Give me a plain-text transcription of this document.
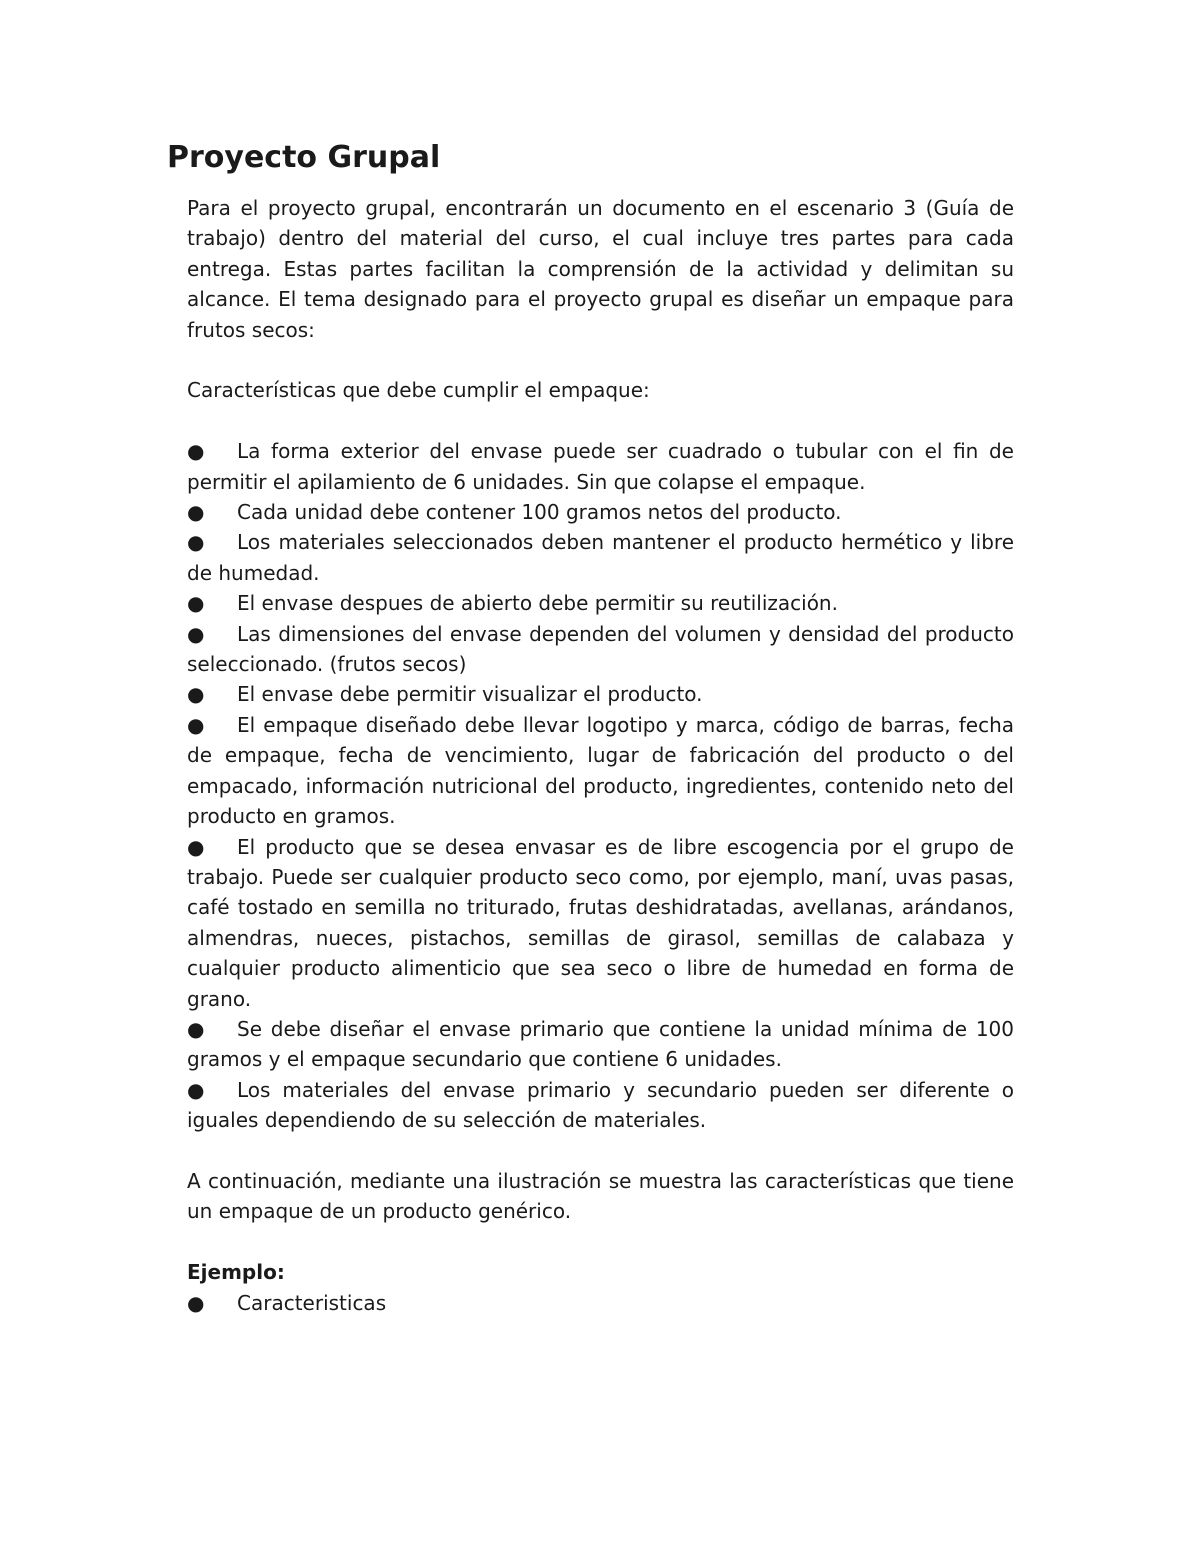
Proyecto Grupal

Para el proyecto grupal, encontrarán un documento en el escenario 3 (Guía de trabajo) dentro del material del curso, el cual incluye tres partes para cada entrega. Estas partes facilitan la comprensión de la actividad y delimitan su alcance. El tema designado para el proyecto grupal es diseñar un empaque para frutos secos:

Características que debe cumplir el empaque:

● La forma exterior del envase puede ser cuadrado o tubular con el fin de permitir el apilamiento de 6 unidades. Sin que colapse el empaque.

● Cada unidad debe contener 100 gramos netos del producto.

● Los materiales seleccionados deben mantener el producto hermético y libre de humedad.

● El envase despues de abierto debe permitir su reutilización.

● Las dimensiones del envase dependen del volumen y densidad del producto seleccionado. (frutos secos)

● El envase debe permitir visualizar el producto.

● El empaque diseñado debe llevar logotipo y marca, código de barras, fecha de empaque, fecha de vencimiento, lugar de fabricación del producto o del empacado, información nutricional del producto, ingredientes, contenido neto del producto en gramos.

● El producto que se desea envasar es de libre escogencia por el grupo de trabajo. Puede ser cualquier producto seco como, por ejemplo, maní, uvas pasas, café tostado en semilla no triturado, frutas deshidratadas, avellanas, arándanos, almendras, nueces, pistachos, semillas de girasol, semillas de calabaza y cualquier producto alimenticio que sea seco o libre de humedad en forma de grano.

● Se debe diseñar el envase primario que contiene la unidad mínima de 100 gramos y el empaque secundario que contiene 6 unidades.

● Los materiales del envase primario y secundario pueden ser diferente o iguales dependiendo de su selección de materiales.

A continuación, mediante una ilustración se muestra las características que tiene un empaque de un producto genérico.

Ejemplo:

● Caracteristicas
